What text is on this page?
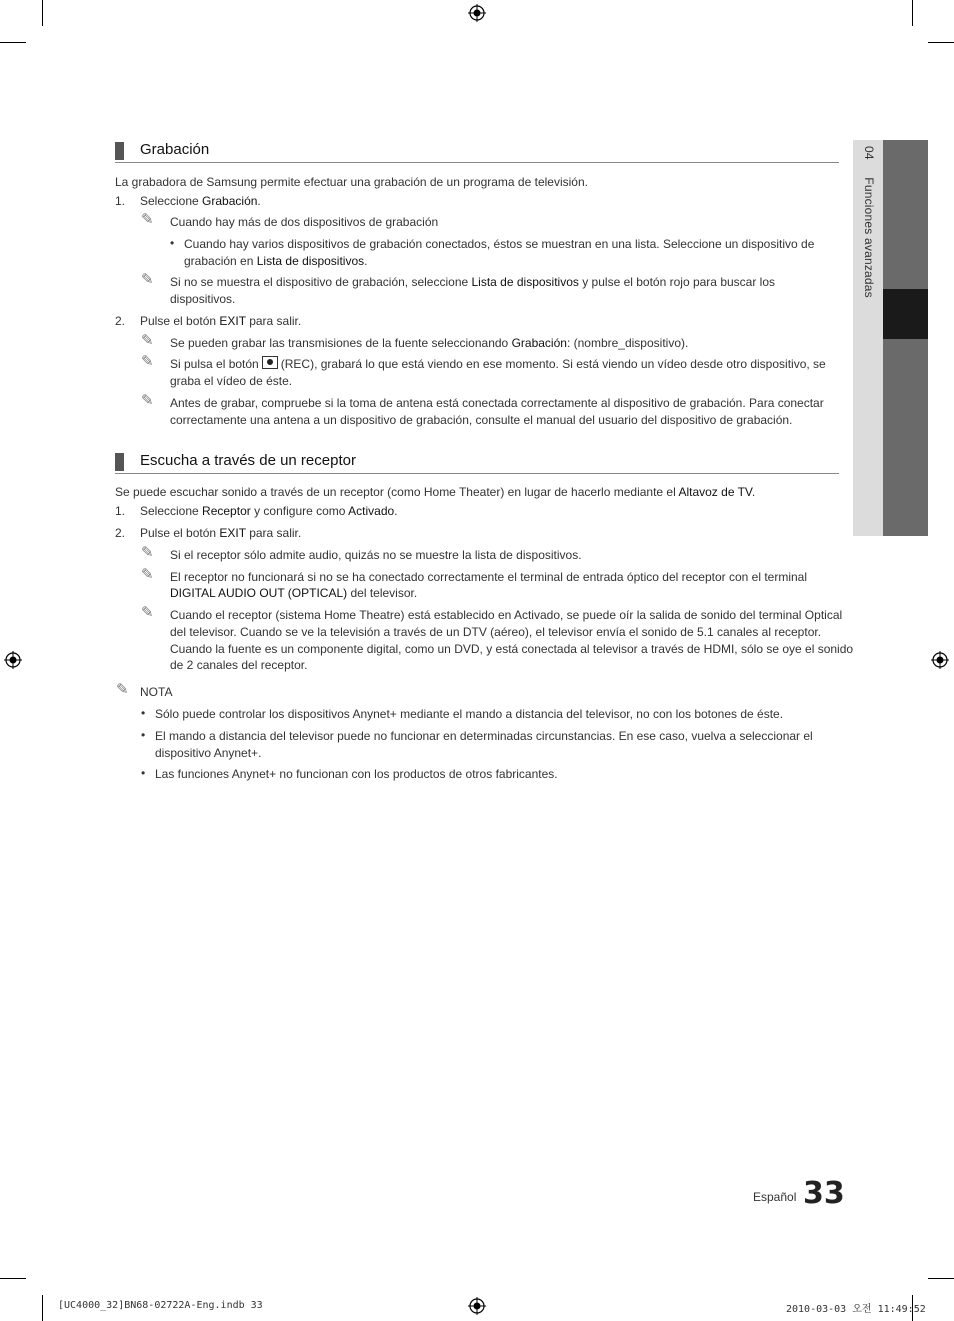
04 Funciones avanzadas
Grabación
La grabadora de Samsung permite efectuar una grabación de un programa de televisión.
1. Seleccione Grabación.
✎ Cuando hay más de dos dispositivos de grabación
• Cuando hay varios dispositivos de grabación conectados, éstos se muestran en una lista. Seleccione un dispositivo de
grabación en Lista de dispositivos.
✎ Si no se muestra el dispositivo de grabación, seleccione Lista de dispositivos y pulse el botón rojo para buscar los
dispositivos.
2. Pulse el botón EXIT para salir.
✎ Se pueden grabar las transmisiones de la fuente seleccionando Grabación: (nombre_dispositivo).
✎ Si pulsa el botón (REC), grabará lo que está viendo en ese momento. Si está viendo un vídeo desde otro dispositivo, se
graba el vídeo de éste.
✎ Antes de grabar, compruebe si la toma de antena está conectada correctamente al dispositivo de grabación. Para conectar
correctamente una antena a un dispositivo de grabación, consulte el manual del usuario del dispositivo de grabación.
Escucha a través de un receptor
Se puede escuchar sonido a través de un receptor (como Home Theater) en lugar de hacerlo mediante el Altavoz de TV.
1. Seleccione Receptor y configure como Activado.
2. Pulse el botón EXIT para salir.
✎ Si el receptor sólo admite audio, quizás no se muestre la lista de dispositivos.
✎ El receptor no funcionará si no se ha conectado correctamente el terminal de entrada óptico del receptor con el terminal
DIGITAL AUDIO OUT (OPTICAL) del televisor.
✎ Cuando el receptor (sistema Home Theatre) está establecido en Activado, se puede oír la salida de sonido del terminal Optical
del televisor. Cuando se ve la televisión a través de un DTV (aéreo), el televisor envía el sonido de 5.1 canales al receptor.
Cuando la fuente es un componente digital, como un DVD, y está conectada al televisor a través de HDMI, sólo se oye el sonido
de 2 canales del receptor.
✎ NOTA
• Sólo puede controlar los dispositivos Anynet+ mediante el mando a distancia del televisor, no con los botones de éste.
• El mando a distancia del televisor puede no funcionar en determinadas circunstancias. En ese caso, vuelva a seleccionar el
dispositivo Anynet+.
• Las funciones Anynet+ no funcionan con los productos de otros fabricantes.
Español 33
[UC4000_32]BN68-02722A-Eng.indb 33	2010-03-03 오전 11:49:52
